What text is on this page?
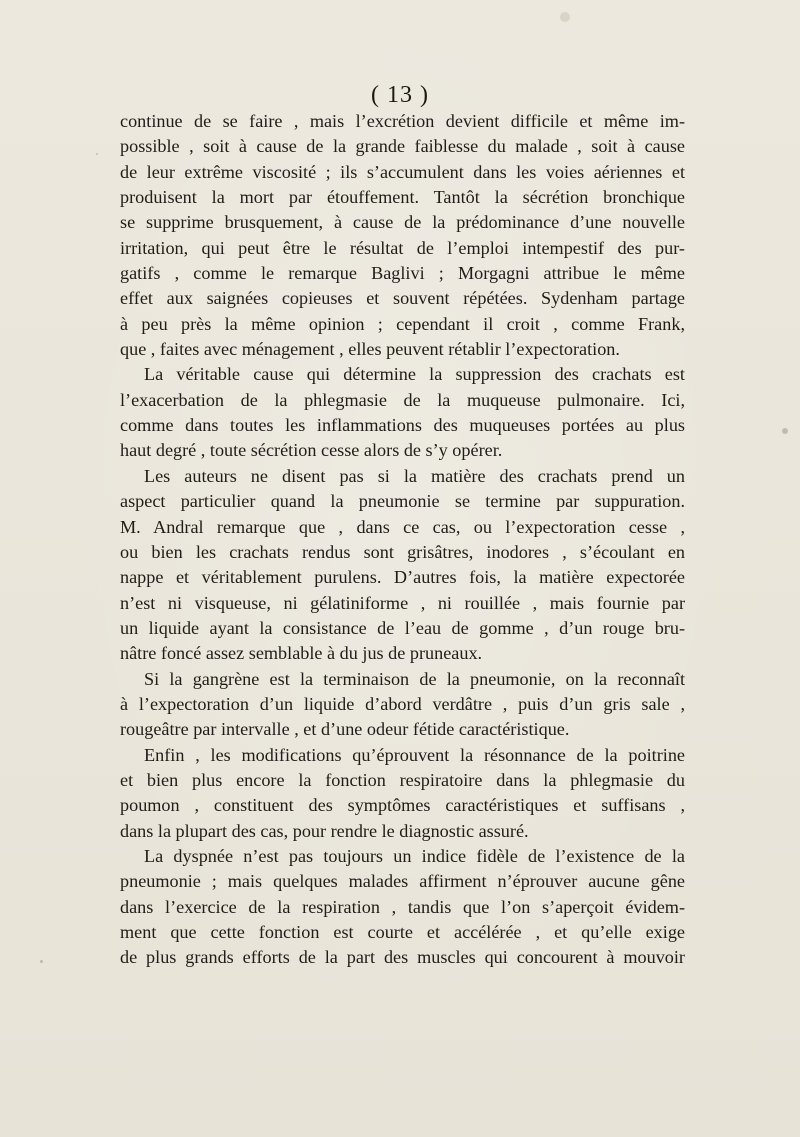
( 13 )
continue de se faire , mais l’excrétion devient difficile et même im-
possible , soit à cause de la grande faiblesse du malade , soit à cause
de leur extrême viscosité ; ils s’accumulent dans les voies aériennes et
produisent la mort par étouffement. Tantôt la sécrétion bronchique
se supprime brusquement, à cause de la prédominance d’une nouvelle
irritation, qui peut être le résultat de l’emploi intempestif des pur-
gatifs , comme le remarque Baglivi ; Morgagni attribue le même
effet aux saignées copieuses et souvent répétées. Sydenham partage
à peu près la même opinion ; cependant il croit , comme Frank,
que , faites avec ménagement , elles peuvent rétablir l’expectoration.
La véritable cause qui détermine la suppression des crachats est
l’exacerbation de la phlegmasie de la muqueuse pulmonaire. Ici,
comme dans toutes les inflammations des muqueuses portées au plus
haut degré , toute sécrétion cesse alors de s’y opérer.
Les auteurs ne disent pas si la matière des crachats prend un
aspect particulier quand la pneumonie se termine par suppuration.
M. Andral remarque que , dans ce cas, ou l’expectoration cesse ,
ou bien les crachats rendus sont grisâtres, inodores , s’écoulant en
nappe et véritablement purulens. D’autres fois, la matière expectorée
n’est ni visqueuse, ni gélatiniforme , ni rouillée , mais fournie par
un liquide ayant la consistance de l’eau de gomme , d’un rouge bru-
nâtre foncé assez semblable à du jus de pruneaux.
Si la gangrène est la terminaison de la pneumonie, on la reconnaît
à l’expectoration d’un liquide d’abord verdâtre , puis d’un gris sale ,
rougeâtre par intervalle , et d’une odeur fétide caractéristique.
Enfin , les modifications qu’éprouvent la résonnance de la poitrine
et bien plus encore la fonction respiratoire dans la phlegmasie du
poumon , constituent des symptômes caractéristiques et suffisans ,
dans la plupart des cas, pour rendre le diagnostic assuré.
La dyspnée n’est pas toujours un indice fidèle de l’existence de la
pneumonie ; mais quelques malades affirment n’éprouver aucune gêne
dans l’exercice de la respiration , tandis que l’on s’aperçoit évidem-
ment que cette fonction est courte et accélérée , et qu’elle exige
de plus grands efforts de la part des muscles qui concourent à mouvoir
